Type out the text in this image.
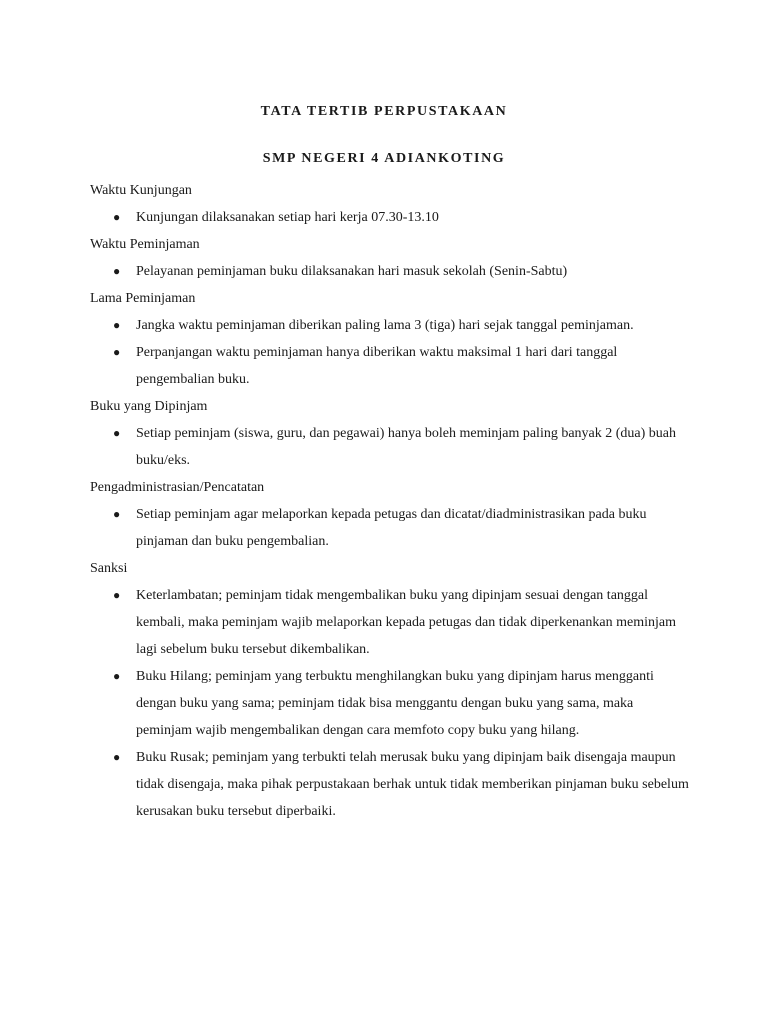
TATA TERTIB PERPUSTAKAAN
SMP NEGERI 4 ADIANKOTING

Waktu Kunjungan

● Kunjungan dilaksanakan setiap hari kerja 07.30-13.10

Waktu Peminjaman

● Pelayanan peminjaman buku dilaksanakan hari masuk sekolah (Senin-Sabtu)

Lama Peminjaman

● Jangka waktu peminjaman diberikan paling lama 3 (tiga) hari sejak tanggal peminjaman.
● Perpanjangan waktu peminjaman hanya diberikan waktu maksimal 1 hari dari tanggal pengembalian buku.

Buku yang Dipinjam

● Setiap peminjam (siswa, guru, dan pegawai) hanya boleh meminjam paling banyak 2 (dua) buah buku/eks.

Pengadministrasian/Pencatatan

● Setiap peminjam agar melaporkan kepada petugas dan dicatat/diadministrasikan pada buku pinjaman dan buku pengembalian.

Sanksi

● Keterlambatan; peminjam tidak mengembalikan buku yang dipinjam sesuai dengan tanggal kembali, maka peminjam wajib melaporkan kepada petugas dan tidak diperkenankan meminjam lagi sebelum buku tersebut dikembalikan.
● Buku Hilang; peminjam yang terbuktu menghilangkan buku yang dipinjam harus mengganti dengan buku yang sama; peminjam tidak bisa menggantu dengan buku yang sama, maka peminjam wajib mengembalikan dengan cara memfoto copy buku yang hilang.
● Buku Rusak; peminjam yang terbukti telah merusak buku yang dipinjam baik disengaja maupun tidak disengaja, maka pihak perpustakaan berhak untuk tidak memberikan pinjaman buku sebelum kerusakan buku tersebut diperbaiki.
